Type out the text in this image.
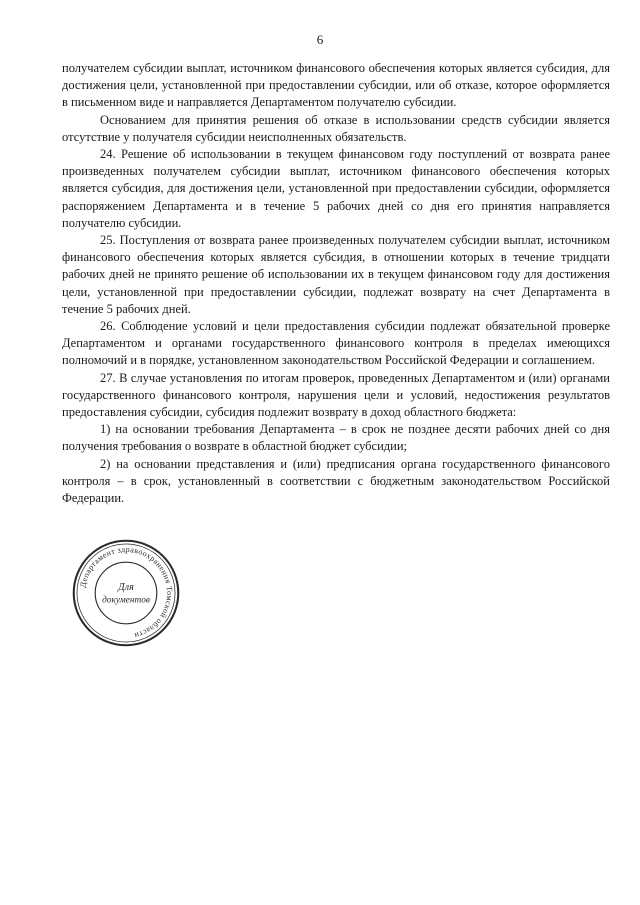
6

получателем субсидии выплат, источником финансового обеспечения которых является субсидия, для достижения цели, установленной при предоставлении субсидии, или об отказе, которое оформляется в письменном виде и направляется Департаментом получателю субсидии.

Основанием для принятия решения об отказе в использовании средств субсидии является отсутствие у получателя субсидии неисполненных обязательств.

24. Решение об использовании в текущем финансовом году поступлений от возврата ранее произведенных получателем субсидии выплат, источником финансового обеспечения которых является субсидия, для достижения цели, установленной при предоставлении субсидии, оформляется распоряжением Департамента и в течение 5 рабочих дней со дня его принятия направляется получателю субсидии.

25. Поступления от возврата ранее произведенных получателем субсидии выплат, источником финансового обеспечения которых является субсидия, в отношении которых в течение тридцати рабочих дней не принято решение об использовании их в текущем финансовом году для достижения цели, установленной при предоставлении субсидии, подлежат возврату на счет Департамента в течение 5 рабочих дней.

26. Соблюдение условий и цели предоставления субсидии подлежат обязательной проверке Департаментом и органами государственного финансового контроля в пределах имеющихся полномочий и в порядке, установленном законодательством Российской Федерации и соглашением.

27. В случае установления по итогам проверок, проведенных Департаментом и (или) органами государственного финансового контроля, нарушения цели и условий, недостижения результатов предоставления субсидии, субсидия подлежит возврату в доход областного бюджета:

1) на основании требования Департамента – в срок не позднее десяти рабочих дней со дня получения требования о возврате в областной бюджет субсидии;

2) на основании представления и (или) предписания органа государственного финансового контроля – в срок, установленный в соответствии с бюджетным законодательством Российской Федерации.

Департамент здравоохранения Томской области
Для
документов
